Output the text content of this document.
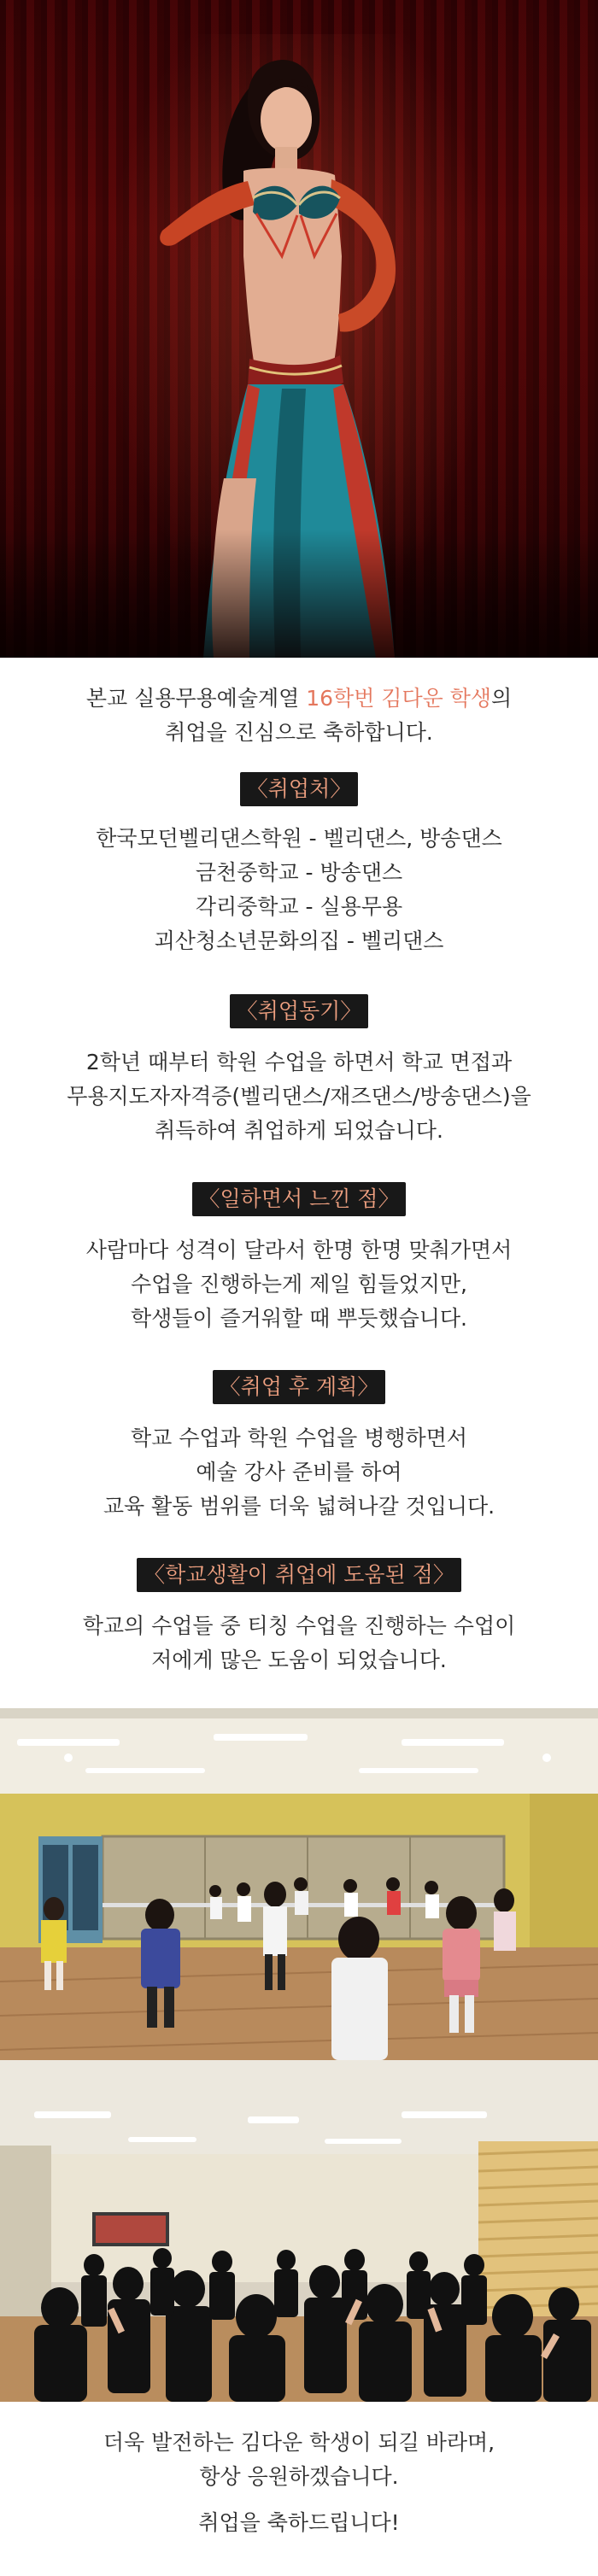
본교 실용무용예술계열 16학번 김다운 학생의
취업을 진심으로 축하합니다.
〈취업처〉
한국모던벨리댄스학원 - 벨리댄스, 방송댄스
금천중학교 - 방송댄스
각리중학교 - 실용무용
괴산청소년문화의집 - 벨리댄스
〈취업동기〉
2학년 때부터 학원 수업을 하면서 학교 면접과
무용지도자자격증(벨리댄스/재즈댄스/방송댄스)을
취득하여 취업하게 되었습니다.
〈일하면서 느낀 점〉
사람마다 성격이 달라서 한명 한명 맞춰가면서
수업을 진행하는게 제일 힘들었지만,
학생들이 즐거워할 때 뿌듯했습니다.
〈취업 후 계획〉
학교 수업과 학원 수업을 병행하면서
예술 강사 준비를 하여
교육 활동 범위를 더욱 넓혀나갈 것입니다.
〈학교생활이 취업에 도움된 점〉
학교의 수업들 중 티칭 수업을 진행하는 수업이
저에게 많은 도움이 되었습니다.
더욱 발전하는 김다운 학생이 되길 바라며,
항상 응원하겠습니다.
취업을 축하드립니다!
